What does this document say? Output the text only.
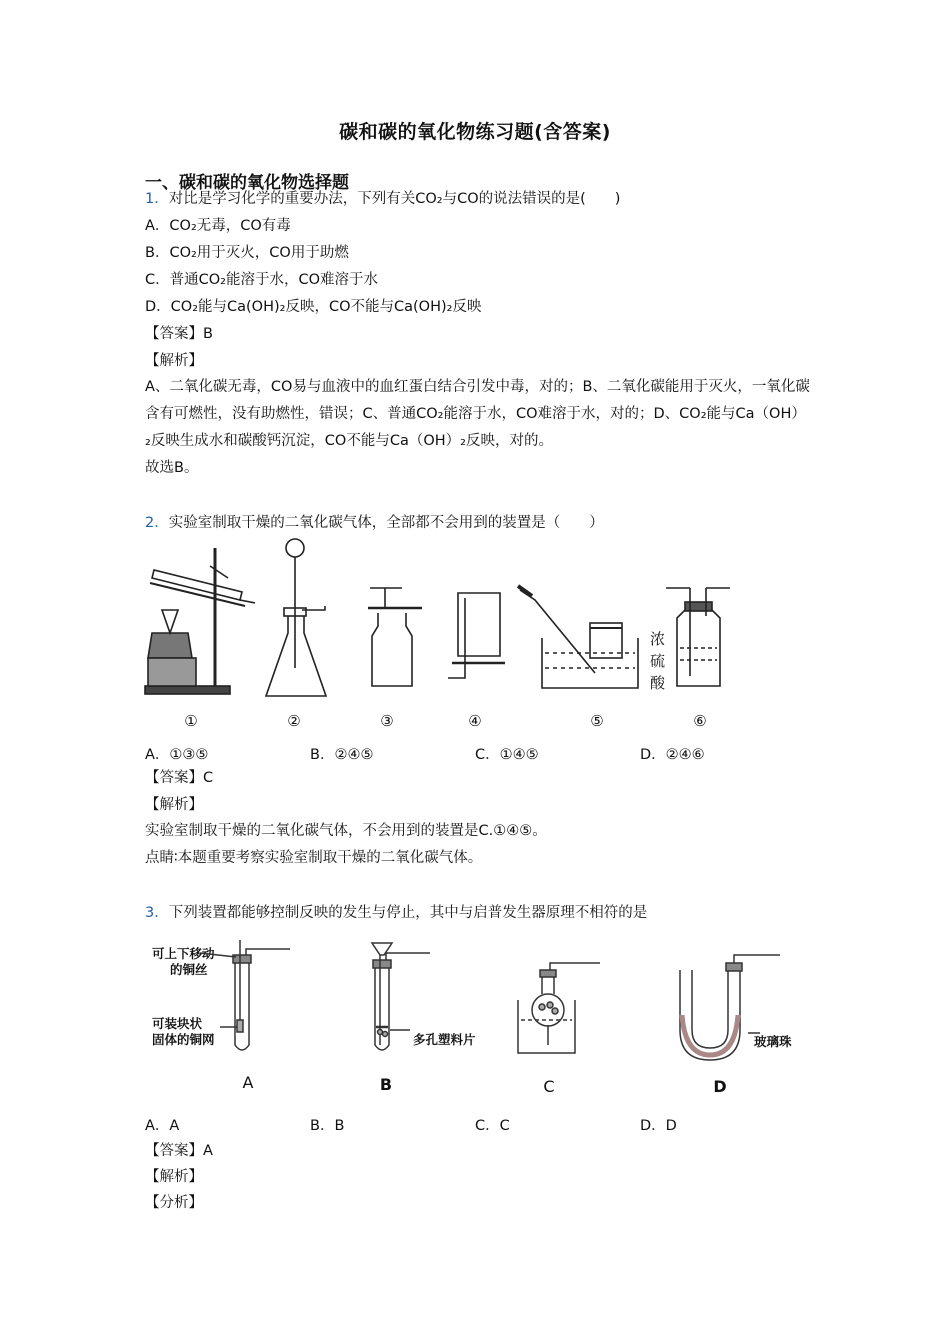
碳和碳的氧化物练习题(含答案)
一、碳和碳的氧化物选择题
1．对比是学习化学的重要办法，下列有关CO₂与CO的说法错误的是(　　)
A．CO₂无毒，CO有毒
B．CO₂用于灭火，CO用于助燃
C．普通CO₂能溶于水，CO难溶于水
D．CO₂能与Ca(OH)₂反映，CO不能与Ca(OH)₂反映
【答案】B
【解析】
A、二氧化碳无毒，CO易与血液中的血红蛋白结合引发中毒，对的；B、二氧化碳能用于灭火，一氧化碳含有可燃性，没有助燃性，错误；C、普通CO₂能溶于水，CO难溶于水，对的；D、CO₂能与Ca（OH）₂反映生成水和碳酸钙沉淀，CO不能与Ca（OH）₂反映，对的。
故选B。
2．实验室制取干燥的二氧化碳气体，全部都不会用到的装置是（　　）
浓
硫
酸
①	②	③	④	⑤	⑥
A．①③⑤	B．②④⑤	C．①④⑤	D．②④⑥
【答案】C
【解析】
实验室制取干燥的二氧化碳气体，不会用到的装置是C.①④⑤。
点睛∶本题重要考察实验室制取干燥的二氧化碳气体。
3．下列装置都能够控制反映的发生与停止，其中与启普发生器原理不相符的是
可上下移动
的铜丝
可装块状
固体的铜网	多孔塑料片	玻璃珠
A	B	C	D
A．A	B．B	C．C	D．D
【答案】A
【解析】
【分析】
